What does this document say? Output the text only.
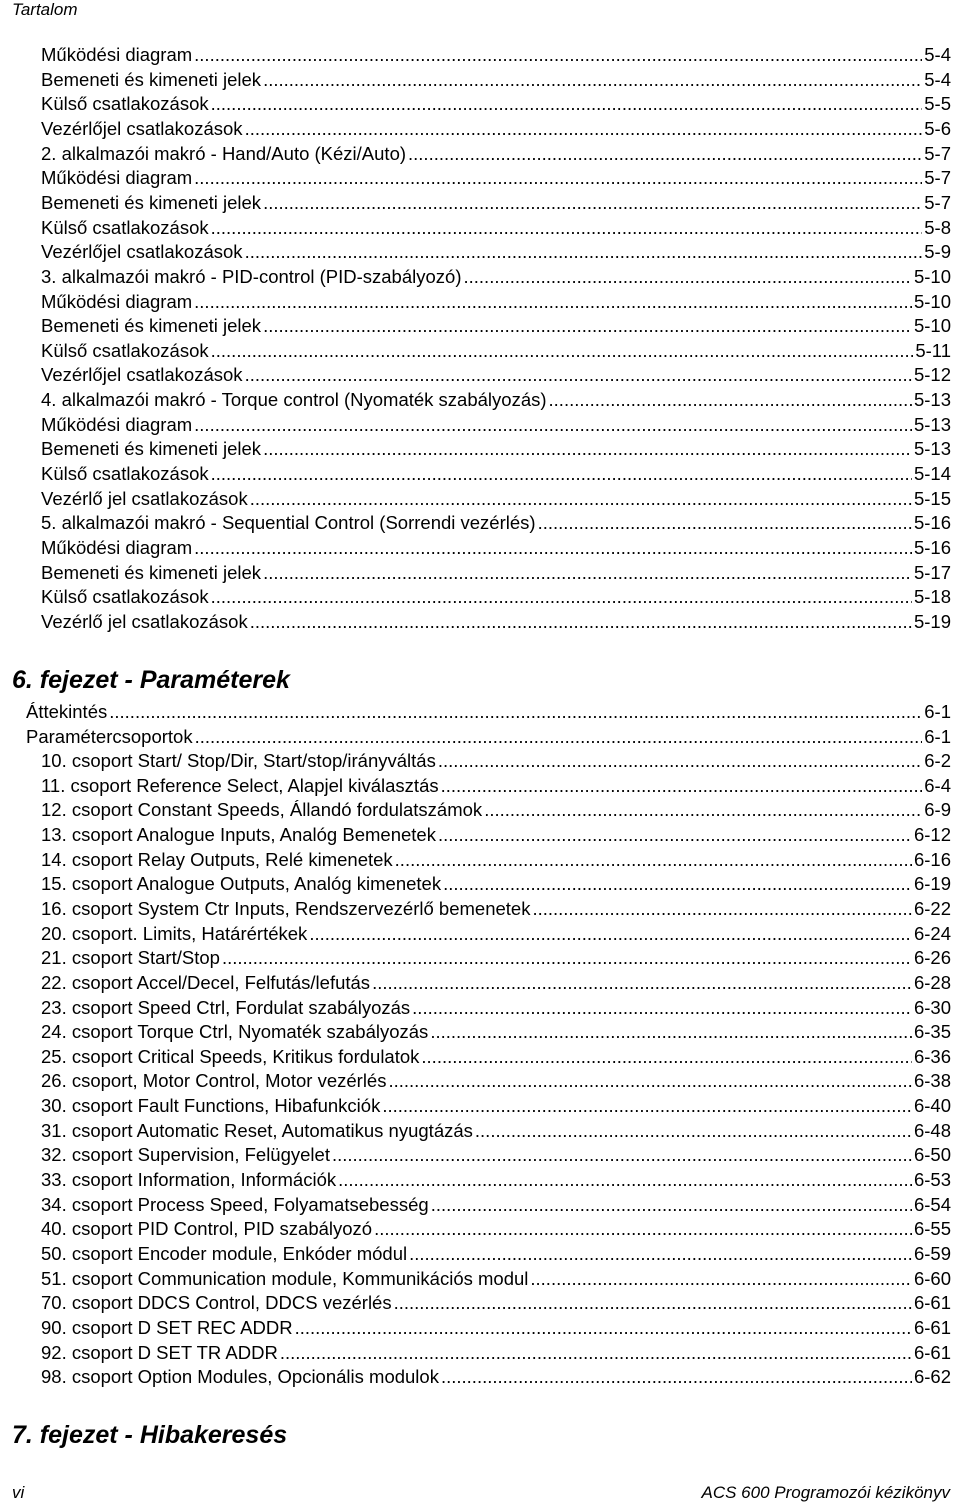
Tartalom
Működési diagram .....	5-4
Bemeneti és kimeneti jelek .....	5-4
Külső csatlakozások .....	5-5
Vezérlőjel csatlakozások .....	5-6
2. alkalmazói makró - Hand/Auto (Kézi/Auto) .....	5-7
Működési diagram .....	5-7
Bemeneti és kimeneti jelek .....	5-7
Külső csatlakozások .....	5-8
Vezérlőjel csatlakozások .....	5-9
3. alkalmazói makró - PID-control (PID-szabályozó) .....	5-10
Működési diagram .....	5-10
Bemeneti és kimeneti jelek .....	5-10
Külső csatlakozások .....	5-11
Vezérlőjel csatlakozások .....	5-12
4. alkalmazói makró - Torque control (Nyomaték szabályozás) .....	5-13
Működési diagram .....	5-13
Bemeneti és kimeneti jelek .....	5-13
Külső csatlakozások .....	5-14
Vezérlő jel csatlakozások .....	5-15
5. alkalmazói makró - Sequential Control (Sorrendi vezérlés) .....	5-16
Működési diagram .....	5-16
Bemeneti és kimeneti jelek .....	5-17
Külső csatlakozások .....	5-18
Vezérlő jel csatlakozások .....	5-19
6. fejezet - Paraméterek
Áttekintés .....	6-1
Paramétercsoportok .....	6-1
10. csoport Start/ Stop/Dir, Start/stop/irányváltás .....	6-2
11. csoport Reference Select, Alapjel kiválasztás .....	6-4
12. csoport Constant Speeds, Állandó fordulatszámok .....	6-9
13. csoport Analogue Inputs, Analóg Bemenetek .....	6-12
14. csoport Relay Outputs, Relé kimenetek .....	6-16
15. csoport Analogue Outputs, Analóg kimenetek .....	6-19
16. csoport System Ctr Inputs, Rendszervezérlő bemenetek .....	6-22
20. csoport. Limits, Határértékek .....	6-24
21. csoport Start/Stop .....	6-26
22. csoport Accel/Decel, Felfutás/lefutás .....	6-28
23. csoport Speed Ctrl, Fordulat szabályozás .....	6-30
24. csoport Torque Ctrl, Nyomaték szabályozás .....	6-35
25. csoport Critical Speeds, Kritikus fordulatok .....	6-36
26. csoport, Motor Control, Motor vezérlés .....	6-38
30. csoport Fault Functions, Hibafunkciók .....	6-40
31. csoport Automatic Reset, Automatikus nyugtázás .....	6-48
32. csoport Supervision, Felügyelet .....	6-50
33. csoport Information, Információk .....	6-53
34. csoport Process Speed, Folyamatsebesség .....	6-54
40. csoport PID Control, PID szabályozó .....	6-55
50. csoport Encoder module, Enkóder módul .....	6-59
51. csoport Communication module, Kommunikációs modul .....	6-60
70. csoport DDCS Control, DDCS vezérlés .....	6-61
90. csoport D SET REC ADDR .....	6-61
92. csoport D SET TR ADDR .....	6-61
98. csoport Option Modules, Opcionális modulok .....	6-62
7. fejezet - Hibakeresés
vi	ACS 600 Programozói kézikönyv
